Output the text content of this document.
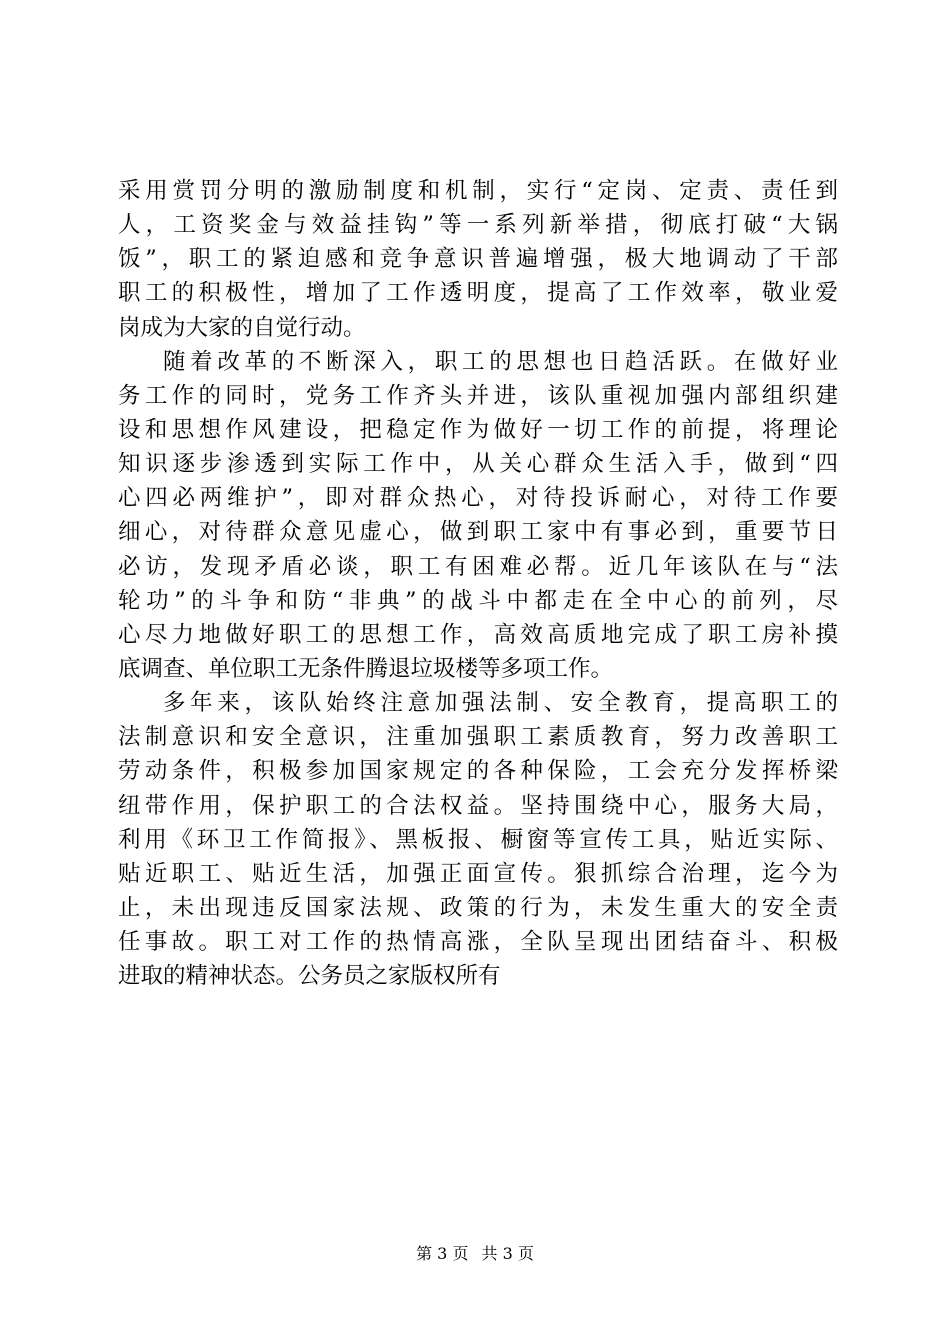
采用赏罚分明的激励制度和机制，实行“定岗、定责、责任到
人，工资奖金与效益挂钩”等一系列新举措，彻底打破“大锅
饭”，职工的紧迫感和竞争意识普遍增强，极大地调动了干部
职工的积极性，增加了工作透明度，提高了工作效率，敬业爱
岗成为大家的自觉行动。
随着改革的不断深入，职工的思想也日趋活跃。在做好业
务工作的同时，党务工作齐头并进，该队重视加强内部组织建
设和思想作风建设，把稳定作为做好一切工作的前提，将理论
知识逐步渗透到实际工作中，从关心群众生活入手，做到“四
心四必两维护”，即对群众热心，对待投诉耐心，对待工作要
细心，对待群众意见虚心，做到职工家中有事必到，重要节日
必访，发现矛盾必谈，职工有困难必帮。近几年该队在与“法
轮功”的斗争和防“非典”的战斗中都走在全中心的前列，尽
心尽力地做好职工的思想工作，高效高质地完成了职工房补摸
底调查、单位职工无条件腾退垃圾楼等多项工作。
多年来，该队始终注意加强法制、安全教育，提高职工的
法制意识和安全意识，注重加强职工素质教育，努力改善职工
劳动条件，积极参加国家规定的各种保险，工会充分发挥桥梁
纽带作用，保护职工的合法权益。坚持围绕中心，服务大局，
利用《环卫工作简报》、黑板报、橱窗等宣传工具，贴近实际、
贴近职工、贴近生活，加强正面宣传。狠抓综合治理，迄今为
止，未出现违反国家法规、政策的行为，未发生重大的安全责
任事故。职工对工作的热情高涨，全队呈现出团结奋斗、积极
进取的精神状态。公务员之家版权所有
第 3 页 共 3 页
